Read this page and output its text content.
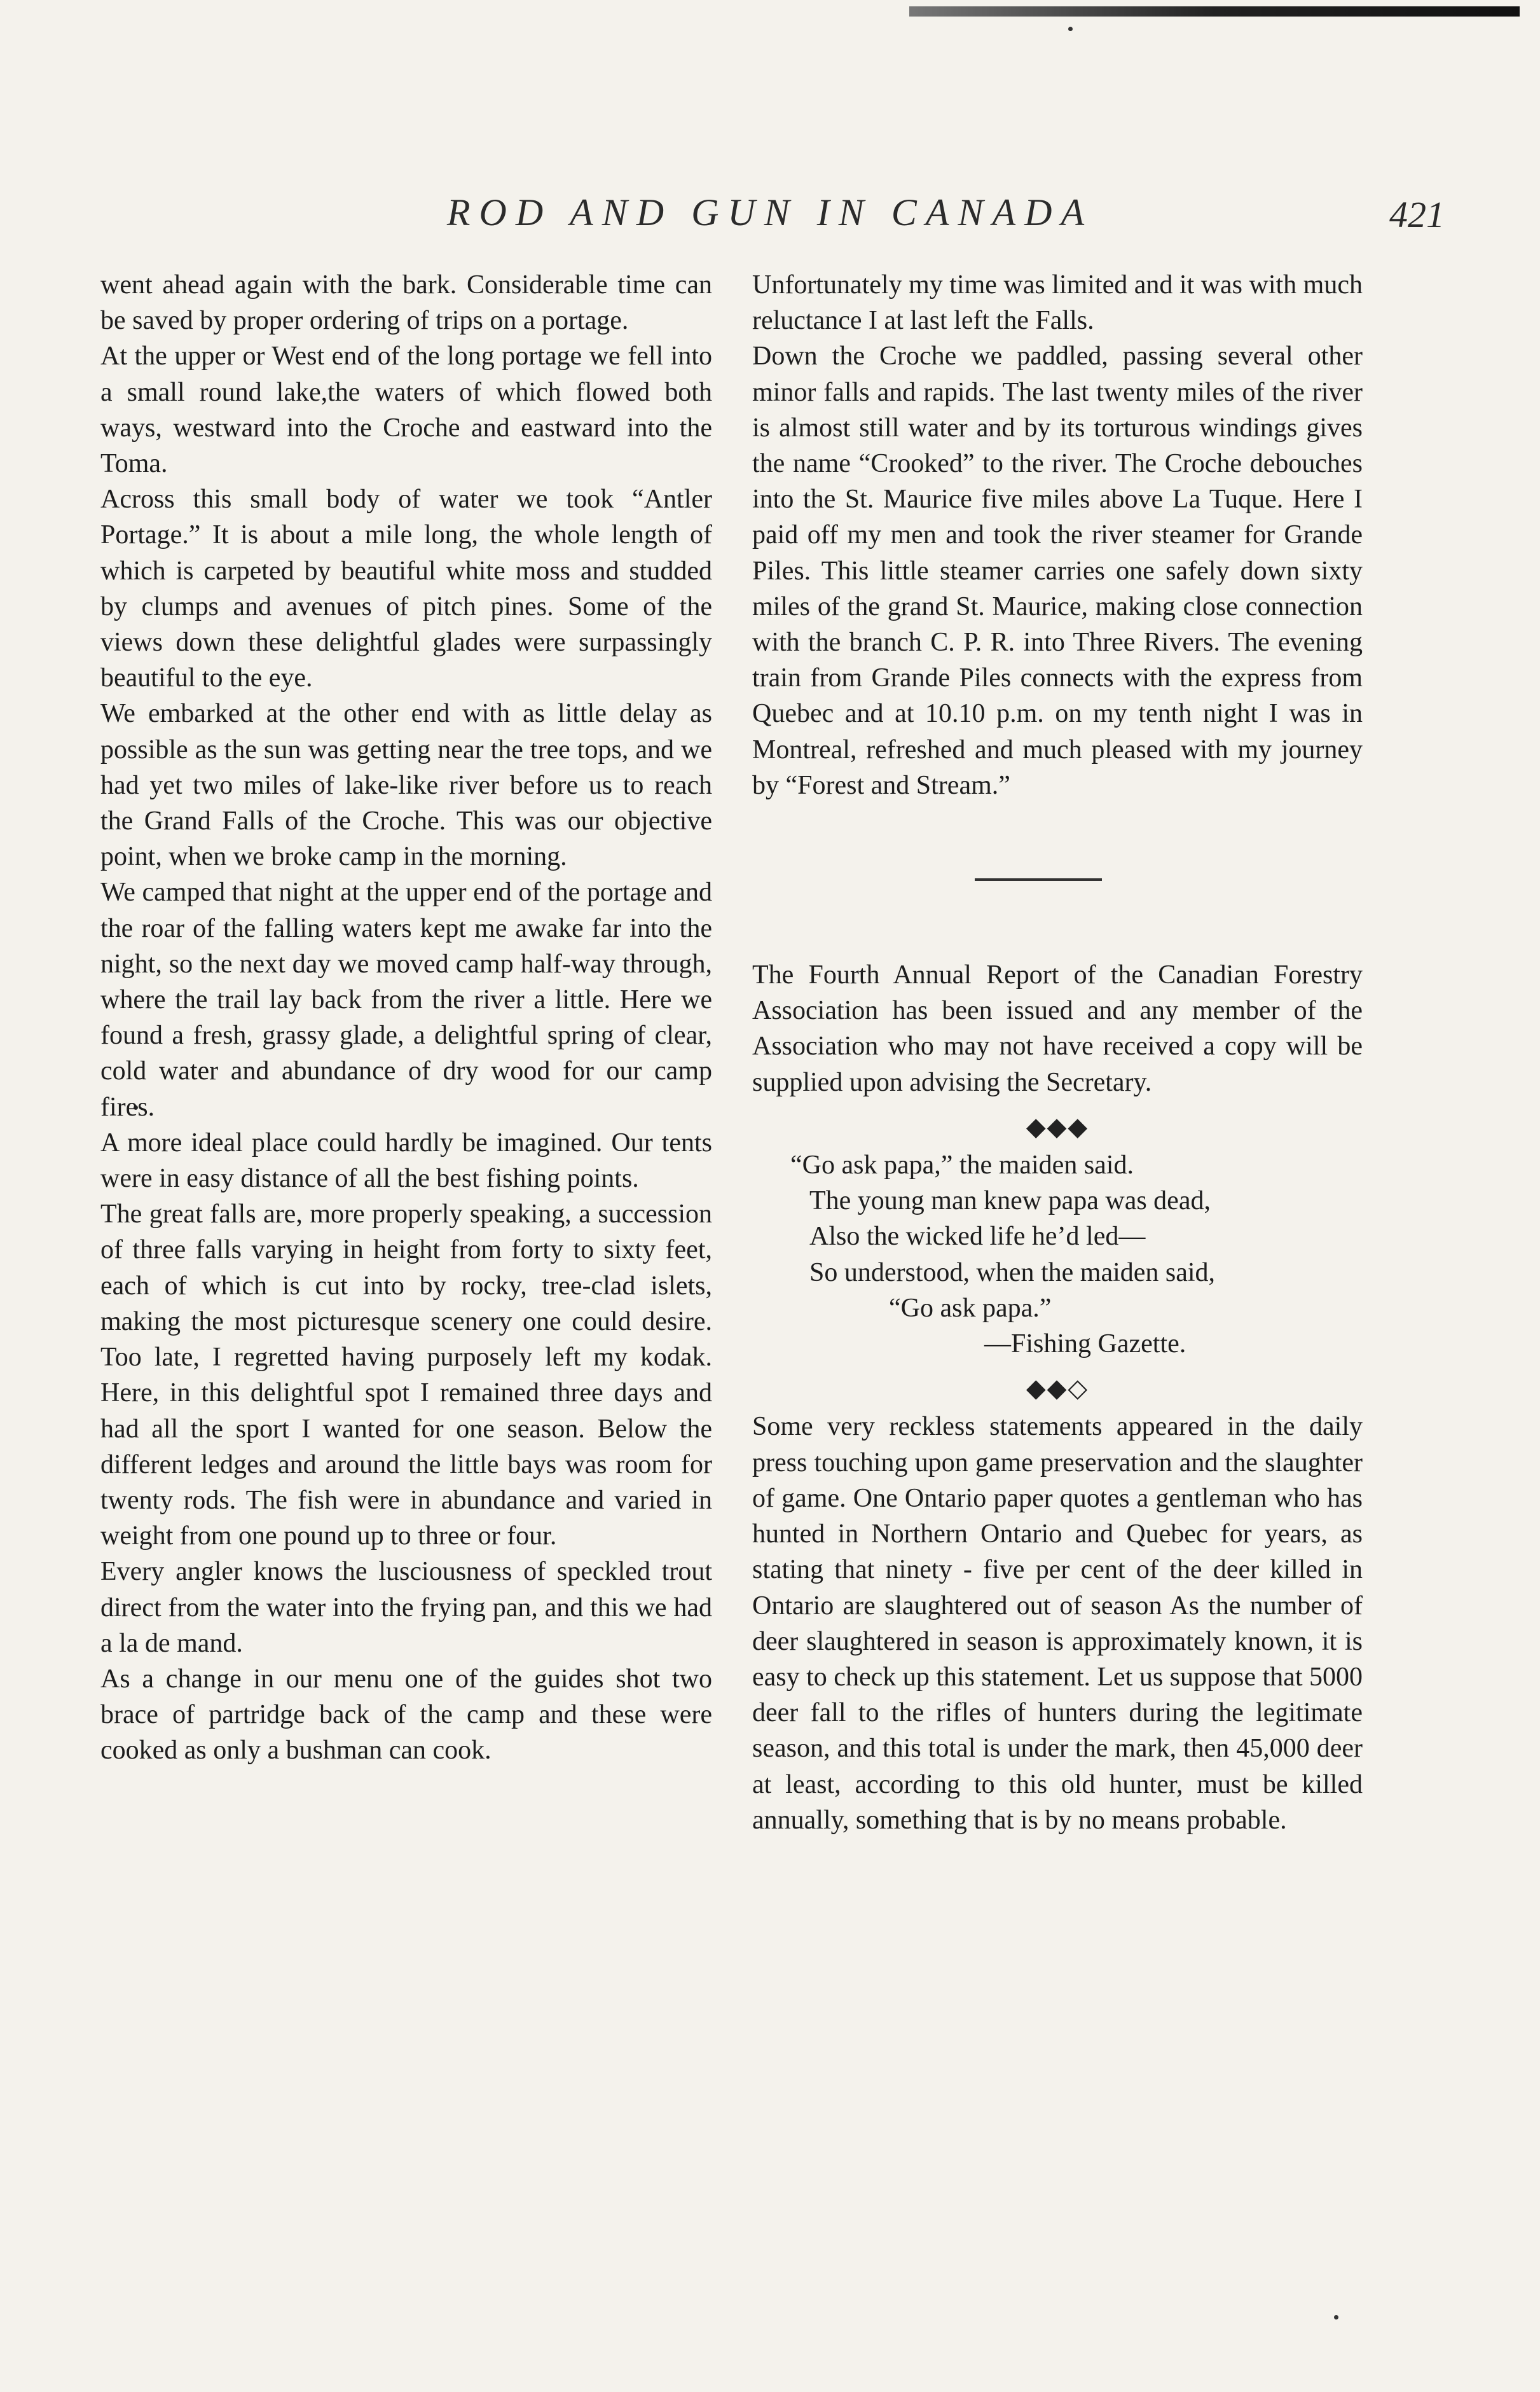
ROD AND GUN IN CANADA	421

went ahead again with the bark. Considerable time can be saved by proper ordering of trips on a portage.

At the upper or West end of the long portage we fell into a small round lake,the waters of which flowed both ways, westward into the Croche and eastward into the Toma.

Across this small body of water we took “Antler Portage.” It is about a mile long, the whole length of which is carpeted by beautiful white moss and studded by clumps and avenues of pitch pines. Some of the views down these delightful glades were surpassingly beautiful to the eye.

We embarked at the other end with as little delay as possible as the sun was getting near the tree tops, and we had yet two miles of lake-like river before us to reach the Grand Falls of the Croche. This was our objective point, when we broke camp in the morning.

We camped that night at the upper end of the portage and the roar of the falling waters kept me awake far into the night, so the next day we moved camp half-way through, where the trail lay back from the river a little. Here we found a fresh, grassy glade, a delightful spring of clear, cold water and abundance of dry wood for our camp fires.

A more ideal place could hardly be imagined. Our tents were in easy distance of all the best fishing points.

The great falls are, more properly speaking, a succession of three falls varying in height from forty to sixty feet, each of which is cut into by rocky, tree-clad islets, making the most picturesque scenery one could desire. Too late, I regretted having purposely left my kodak. Here, in this delightful spot I remained three days and had all the sport I wanted for one season. Below the different ledges and around the little bays was room for twenty rods. The fish were in abundance and varied in weight from one pound up to three or four.

Every angler knows the lusciousness of speckled trout direct from the water into the frying pan, and this we had a la de mand.

As a change in our menu one of the guides shot two brace of partridge back of the camp and these were cooked as only a bushman can cook.

Unfortunately my time was limited and it was with much reluctance I at last left the Falls.

Down the Croche we paddled, passing several other minor falls and rapids. The last twenty miles of the river is almost still water and by its torturous windings gives the name “Crooked” to the river. The Croche debouches into the St. Maurice five miles above La Tuque. Here I paid off my men and took the river steamer for Grande Piles. This little steamer carries one safely down sixty miles of the grand St. Maurice, making close connection with the branch C. P. R. into Three Rivers. The evening train from Grande Piles connects with the express from Quebec and at 10.10 p.m. on my tenth night I was in Montreal, refreshed and much pleased with my journey by “Forest and Stream.”

The Fourth Annual Report of the Canadian Forestry Association has been issued and any member of the Association who may not have received a copy will be supplied upon advising the Secretary.

◆◆◆
“Go ask papa,” the maiden said.
The young man knew papa was dead,
Also the wicked life he’d led—
So understood, when the maiden said,
“Go ask papa.”
—Fishing Gazette.
◆◆◇

Some very reckless statements appeared in the daily press touching upon game preservation and the slaughter of game. One Ontario paper quotes a gentleman who has hunted in Northern Ontario and Quebec for years, as stating that ninety - five per cent of the deer killed in Ontario are slaughtered out of season As the number of deer slaughtered in season is approximately known, it is easy to check up this statement. Let us suppose that 5000 deer fall to the rifles of hunters during the legitimate season, and this total is under the mark, then 45,000 deer at least, according to this old hunter, must be killed annually, something that is by no means probable.
